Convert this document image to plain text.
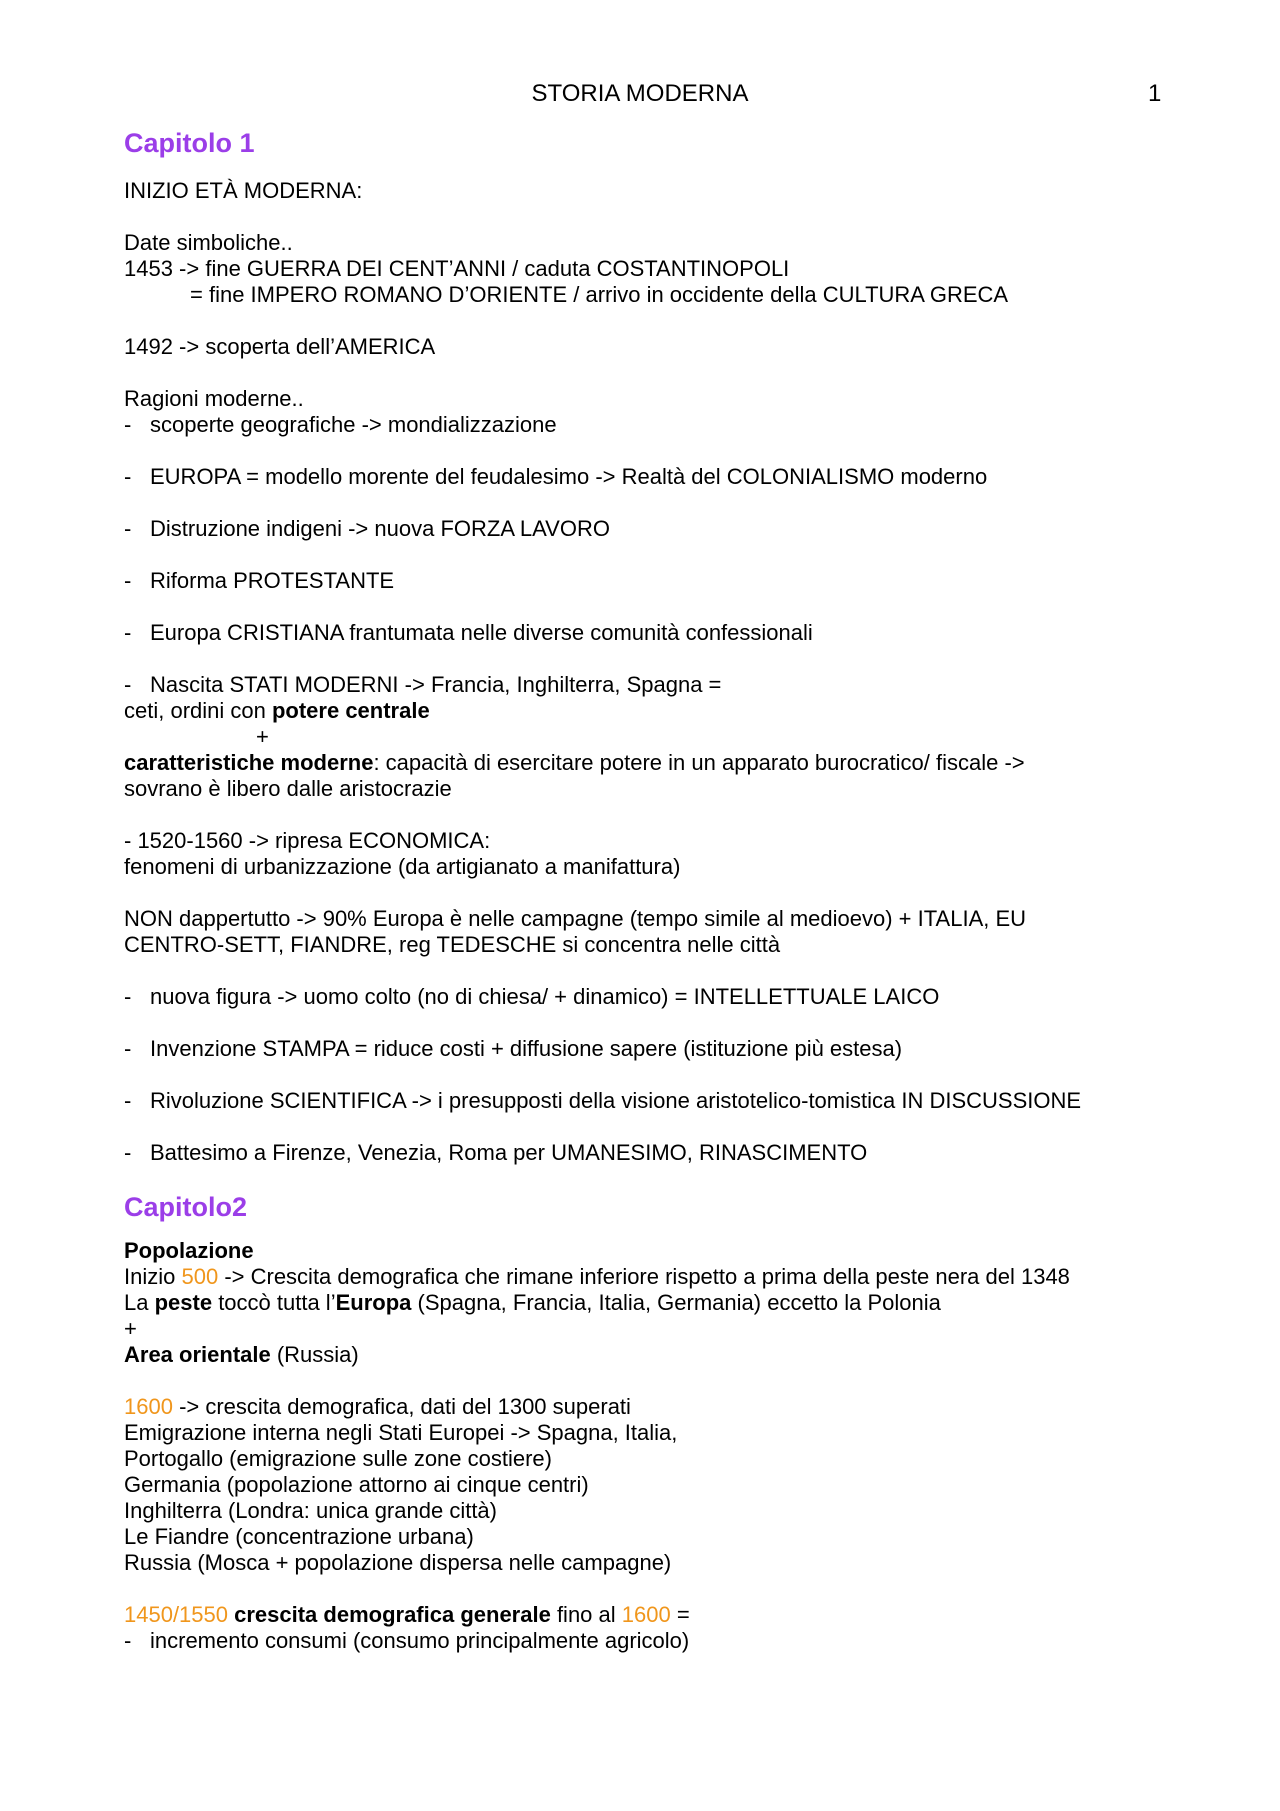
STORIA MODERNA	1
Capitolo 1
INIZIO ETÀ MODERNA:
Date simboliche..
1453 -> fine GUERRA DEI CENT’ANNI / caduta COSTANTINOPOLI
= fine IMPERO ROMANO D’ORIENTE / arrivo in occidente della CULTURA GRECA
1492 -> scoperta dell’AMERICA
Ragioni moderne..
- scoperte geografiche -> mondializzazione
- EUROPA = modello morente del feudalesimo -> Realtà del COLONIALISMO moderno
- Distruzione indigeni -> nuova FORZA LAVORO
- Riforma PROTESTANTE
- Europa CRISTIANA frantumata nelle diverse comunità confessionali
- Nascita STATI MODERNI -> Francia, Inghilterra, Spagna =
ceti, ordini con potere centrale
+
caratteristiche moderne: capacità di esercitare potere in un apparato burocratico/ fiscale ->
sovrano è libero dalle aristocrazie
- 1520-1560 -> ripresa ECONOMICA:
fenomeni di urbanizzazione (da artigianato a manifattura)
NON dappertutto -> 90% Europa è nelle campagne (tempo simile al medioevo) + ITALIA, EU
CENTRO-SETT, FIANDRE, reg TEDESCHE si concentra nelle città
- nuova figura -> uomo colto (no di chiesa/ + dinamico) = INTELLETTUALE LAICO
- Invenzione STAMPA = riduce costi + diffusione sapere (istituzione più estesa)
- Rivoluzione SCIENTIFICA -> i presupposti della visione aristotelico-tomistica IN DISCUSSIONE
- Battesimo a Firenze, Venezia, Roma per UMANESIMO, RINASCIMENTO
Capitolo2
Popolazione
Inizio 500 -> Crescita demografica che rimane inferiore rispetto a prima della peste nera del 1348
La peste toccò tutta l’Europa (Spagna, Francia, Italia, Germania) eccetto la Polonia
+
Area orientale (Russia)
1600 -> crescita demografica, dati del 1300 superati
Emigrazione interna negli Stati Europei -> Spagna, Italia,
Portogallo (emigrazione sulle zone costiere)
Germania (popolazione attorno ai cinque centri)
Inghilterra (Londra: unica grande città)
Le Fiandre (concentrazione urbana)
Russia (Mosca + popolazione dispersa nelle campagne)
1450/1550 crescita demografica generale fino al 1600 =
- incremento consumi (consumo principalmente agricolo)
